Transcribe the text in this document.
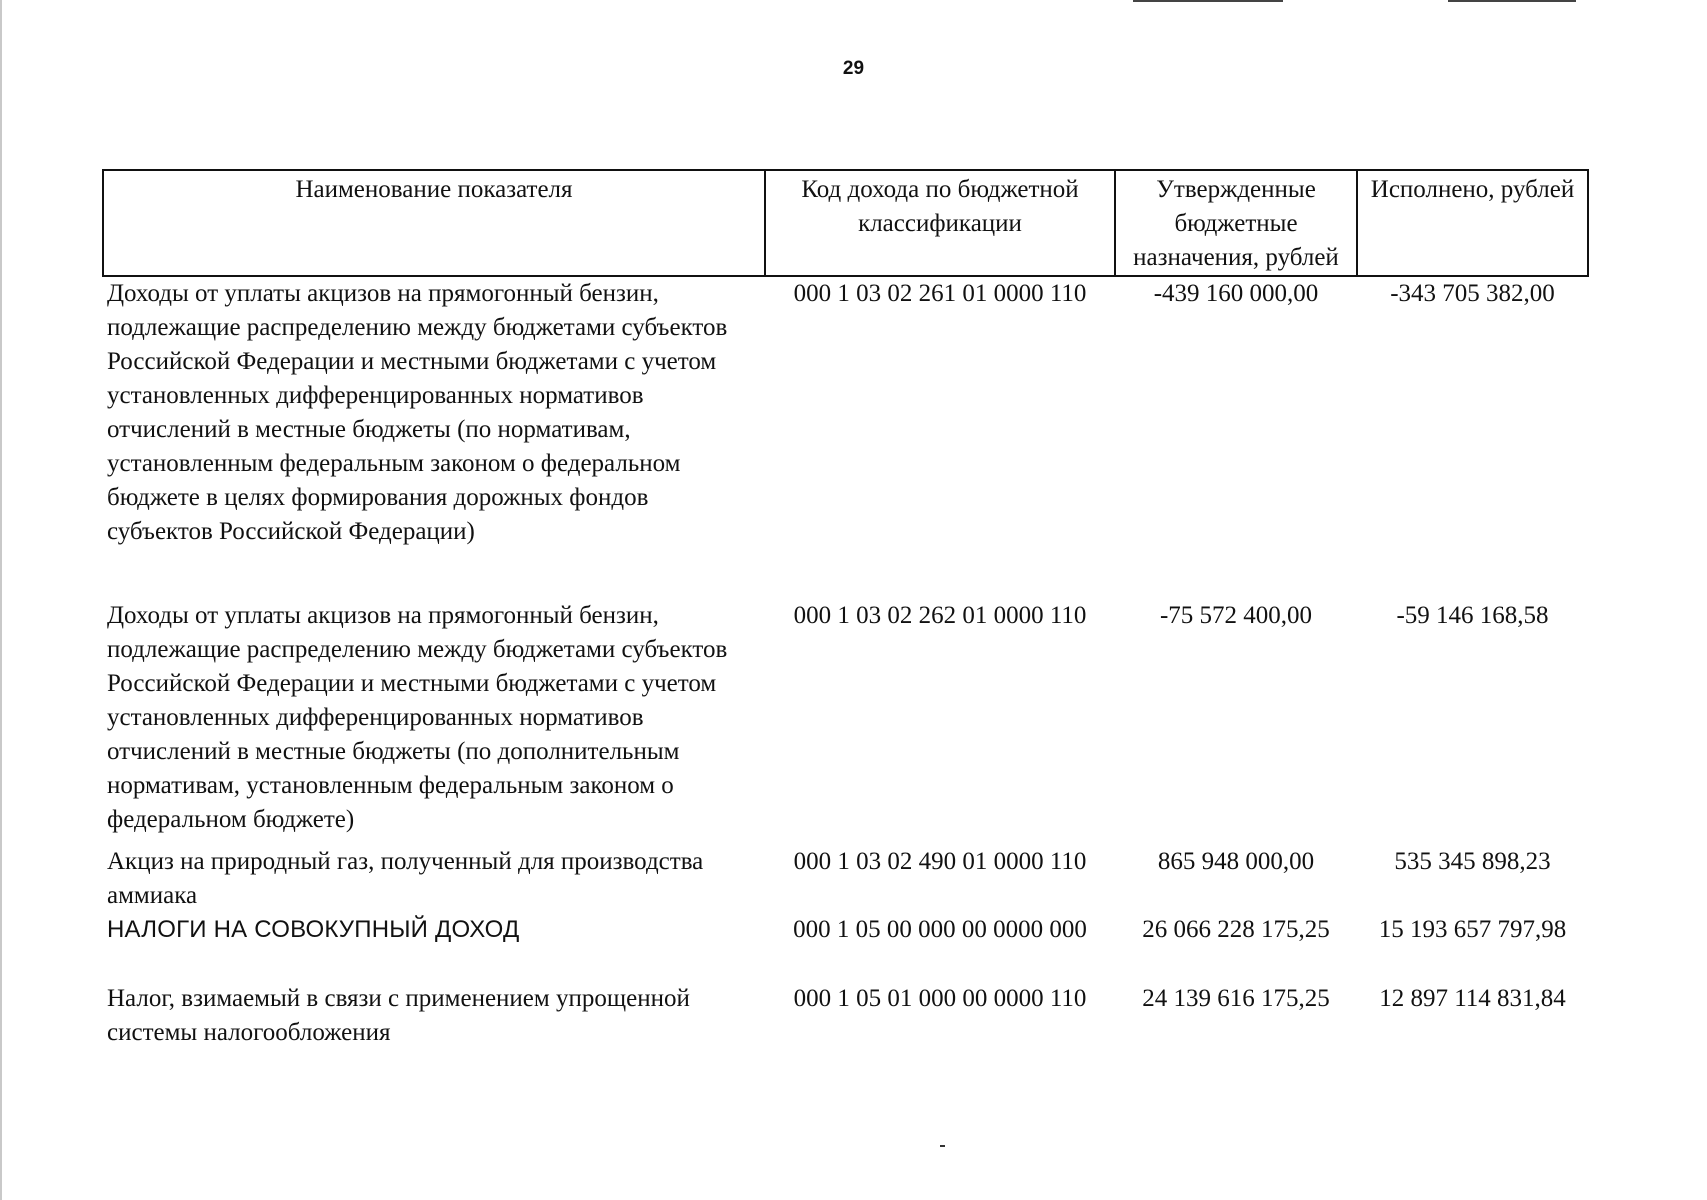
29
Наименование показателя	Код дохода по бюджетной классификации	Утвержденные бюджетные назначения, рублей	Исполнено, рублей
Доходы от уплаты акцизов на прямогонный бензин, подлежащие распределению между бюджетами субъектов Российской Федерации и местными бюджетами с учетом установленных дифференцированных нормативов отчислений в местные бюджеты (по нормативам, установленным федеральным законом о федеральном бюджете в целях формирования дорожных фондов субъектов Российской Федерации)	000 1 03 02 261 01 0000 110	-439 160 000,00	-343 705 382,00

Доходы от уплаты акцизов на прямогонный бензин, подлежащие распределению между бюджетами субъектов Российской Федерации и местными бюджетами с учетом установленных дифференцированных нормативов отчислений в местные бюджеты (по дополнительным нормативам, установленным федеральным законом о федеральном бюджете)	000 1 03 02 262 01 0000 110	-75 572 400,00	-59 146 168,58

Акциз на природный газ, полученный для производства аммиака	000 1 03 02 490 01 0000 110	865 948 000,00	535 345 898,23
НАЛОГИ НА СОВОКУПНЫЙ ДОХОД	000 1 05 00 000 00 0000 000	26 066 228 175,25	15 193 657 797,98

Налог, взимаемый в связи с применением упрощенной системы налогообложения	000 1 05 01 000 00 0000 110	24 139 616 175,25	12 897 114 831,84
